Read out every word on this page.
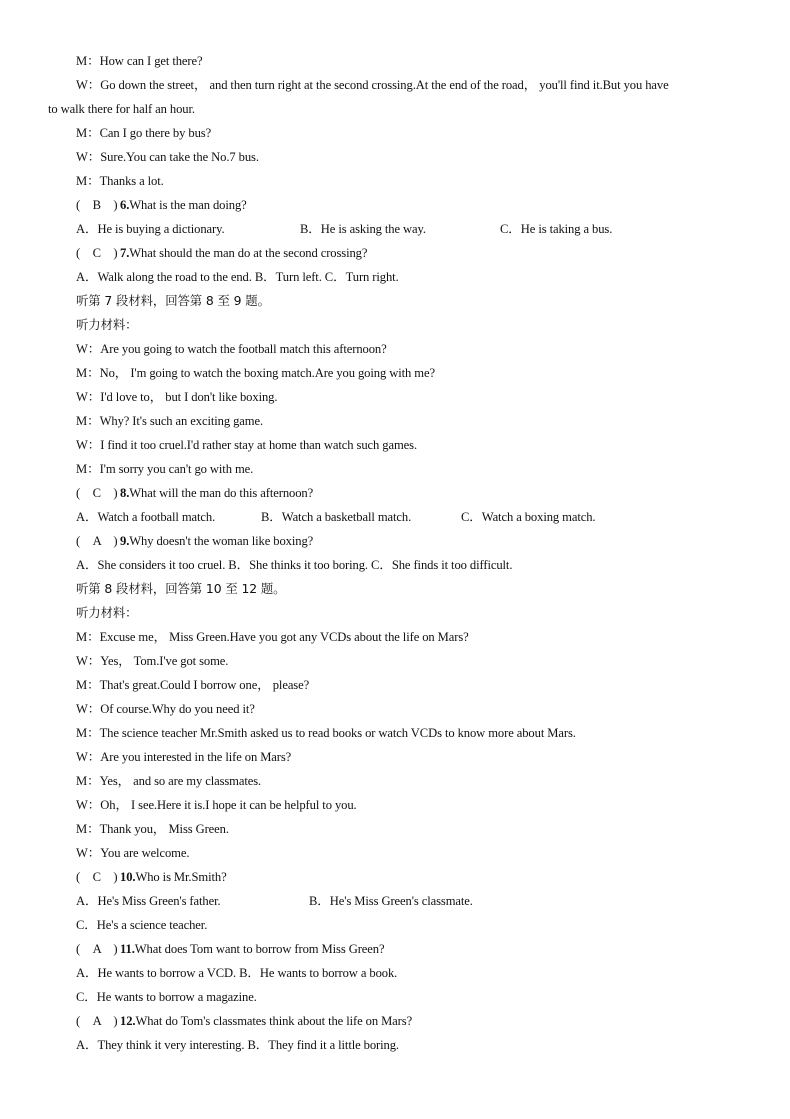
M：How can I get there?
W：Go down the street， and then turn right at the second crossing.At the end of the road， you'll find it.But you have
to walk there for half an hour.
M：Can I go there by bus?
W：Sure.You can take the No.7 bus.
M：Thanks a lot.
(　B　) 6.What is the man doing?
A．He is buying a dictionary.	B．He is asking the way.	C．He is taking a bus.
(　C　) 7.What should the man do at the second crossing?
A．Walk along the road to the end. B．Turn left. C．Turn right.
听第 7 段材料，回答第 8 至 9 题。
听力材料：
W：Are you going to watch the football match this afternoon?
M：No， I'm going to watch the boxing match.Are you going with me?
W：I'd love to， but I don't like boxing.
M：Why? It's such an exciting game.
W：I find it too cruel.I'd rather stay at home than watch such games.
M：I'm sorry you can't go with me.
(　C　) 8.What will the man do this afternoon?
A．Watch a football match.	B．Watch a basketball match.	C．Watch a boxing match.
(　A　) 9.Why doesn't the woman like boxing?
A．She considers it too cruel. B．She thinks it too boring. C．She finds it too difficult.
听第 8 段材料，回答第 10 至 12 题。
听力材料：
M：Excuse me， Miss Green.Have you got any VCDs about the life on Mars?
W：Yes， Tom.I've got some.
M：That's great.Could I borrow one， please?
W：Of course.Why do you need it?
M：The science teacher Mr.Smith asked us to read books or watch VCDs to know more about Mars.
W：Are you interested in the life on Mars?
M：Yes， and so are my classmates.
W：Oh， I see.Here it is.I hope it can be helpful to you.
M：Thank you， Miss Green.
W：You are welcome.
(　C　) 10.Who is Mr.Smith?
A．He's Miss Green's father.	B．He's Miss Green's classmate.
C．He's a science teacher.
(　A　) 11.What does Tom want to borrow from Miss Green?
A．He wants to borrow a VCD. B．He wants to borrow a book.
C．He wants to borrow a magazine.
(　A　) 12.What do Tom's classmates think about the life on Mars?
A．They think it very interesting. B．They find it a little boring.
